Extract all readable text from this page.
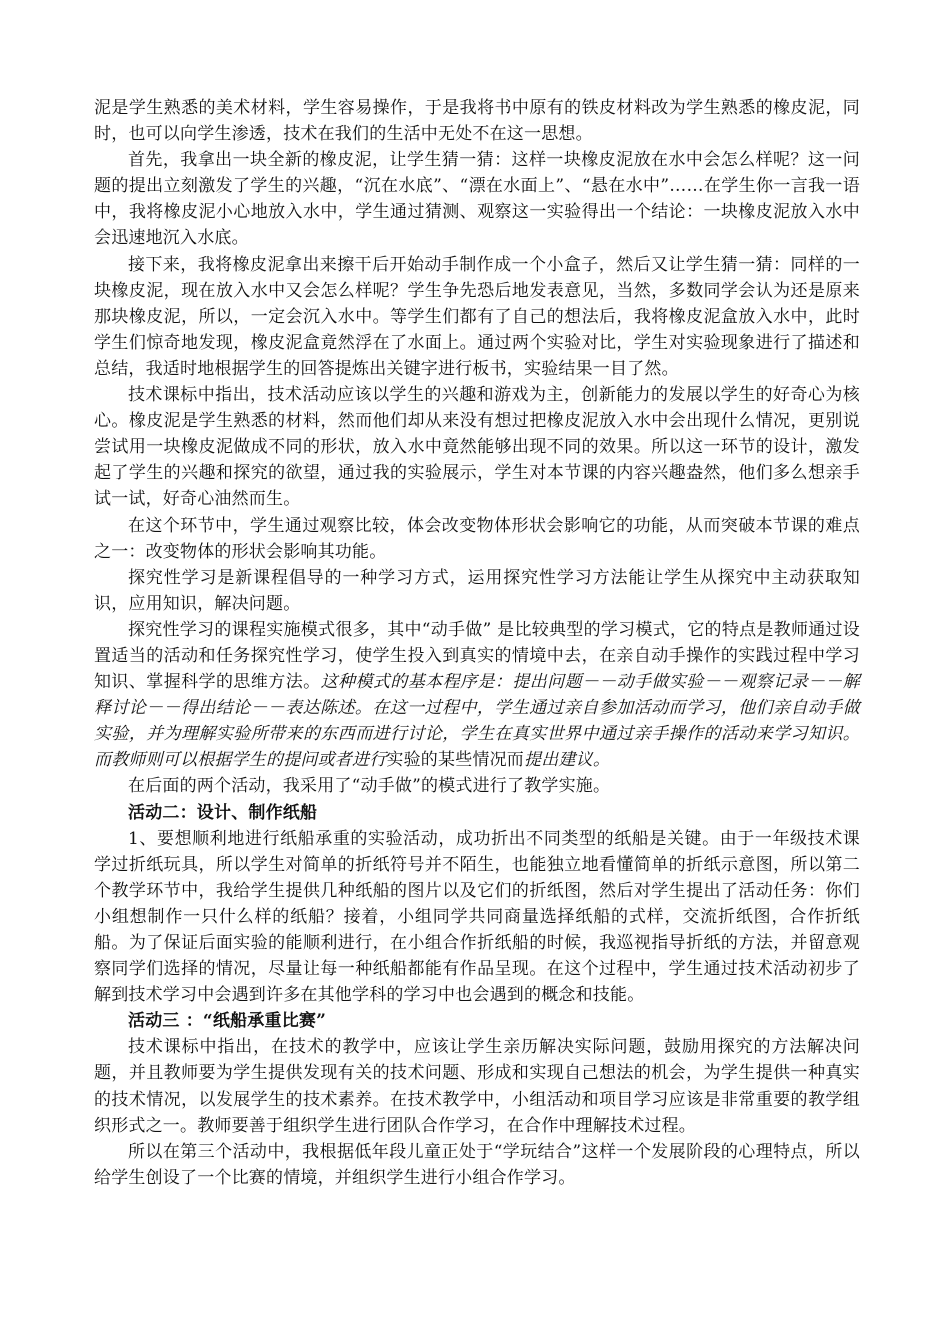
泥是学生熟悉的美术材料，学生容易操作，于是我将书中原有的铁皮材料改为学生熟悉的橡皮泥，同时，也可以向学生渗透，技术在我们的生活中无处不在这一思想。

首先，我拿出一块全新的橡皮泥，让学生猜一猜：这样一块橡皮泥放在水中会怎么样呢？这一问题的提出立刻激发了学生的兴趣，“沉在水底”、“漂在水面上”、“悬在水中”……在学生你一言我一语中，我将橡皮泥小心地放入水中，学生通过猜测、观察这一实验得出一个结论：一块橡皮泥放入水中会迅速地沉入水底。

接下来，我将橡皮泥拿出来擦干后开始动手制作成一个小盒子，然后又让学生猜一猜：同样的一块橡皮泥，现在放入水中又会怎么样呢？学生争先恐后地发表意见，当然，多数同学会认为还是原来那块橡皮泥，所以，一定会沉入水中。等学生们都有了自己的想法后，我将橡皮泥盒放入水中，此时学生们惊奇地发现，橡皮泥盒竟然浮在了水面上。通过两个实验对比，学生对实验现象进行了描述和总结，我适时地根据学生的回答提炼出关键字进行板书，实验结果一目了然。

技术课标中指出，技术活动应该以学生的兴趣和游戏为主，创新能力的发展以学生的好奇心为核心。橡皮泥是学生熟悉的材料，然而他们却从来没有想过把橡皮泥放入水中会出现什么情况，更别说尝试用一块橡皮泥做成不同的形状，放入水中竟然能够出现不同的效果。所以这一环节的设计，激发起了学生的兴趣和探究的欲望，通过我的实验展示，学生对本节课的内容兴趣盎然，他们多么想亲手试一试，好奇心油然而生。

在这个环节中，学生通过观察比较，体会改变物体形状会影响它的功能，从而突破本节课的难点之一：改变物体的形状会影响其功能。

探究性学习是新课程倡导的一种学习方式，运用探究性学习方法能让学生从探究中主动获取知识，应用知识，解决问题。

探究性学习的课程实施模式很多，其中“动手做” 是比较典型的学习模式，它的特点是教师通过设置适当的活动和任务探究性学习，使学生投入到真实的情境中去，在亲自动手操作的实践过程中学习知识、掌握科学的思维方法。这种模式的基本程序是：提出问题－－动手做实验－－观察记录－－解释讨论－－得出结论－－表达陈述。在这一过程中，学生通过亲自参加活动而学习，他们亲自动手做实验，并为理解实验所带来的东西而进行讨论，学生在真实世界中通过亲手操作的活动来学习知识。而教师则可以根据学生的提问或者进行实验的某些情况而提出建议。

在后面的两个活动，我采用了“动手做”的模式进行了教学实施。

活动二：设计、制作纸船

1、要想顺利地进行纸船承重的实验活动，成功折出不同类型的纸船是关键。由于一年级技术课学过折纸玩具，所以学生对简单的折纸符号并不陌生，也能独立地看懂简单的折纸示意图，所以第二个教学环节中，我给学生提供几种纸船的图片以及它们的折纸图，然后对学生提出了活动任务：你们小组想制作一只什么样的纸船？接着，小组同学共同商量选择纸船的式样，交流折纸图，合作折纸船。为了保证后面实验的能顺利进行，在小组合作折纸船的时候，我巡视指导折纸的方法，并留意观察同学们选择的情况，尽量让每一种纸船都能有作品呈现。在这个过程中，学生通过技术活动初步了解到技术学习中会遇到许多在其他学科的学习中也会遇到的概念和技能。

活动三 ：“纸船承重比赛”

技术课标中指出，在技术的教学中，应该让学生亲历解决实际问题，鼓励用探究的方法解决问题，并且教师要为学生提供发现有关的技术问题、形成和实现自己想法的机会，为学生提供一种真实的技术情况，以发展学生的技术素养。在技术教学中，小组活动和项目学习应该是非常重要的教学组织形式之一。教师要善于组织学生进行团队合作学习，在合作中理解技术过程。

所以在第三个活动中，我根据低年段儿童正处于“学玩结合”这样一个发展阶段的心理特点，所以给学生创设了一个比赛的情境，并组织学生进行小组合作学习。
